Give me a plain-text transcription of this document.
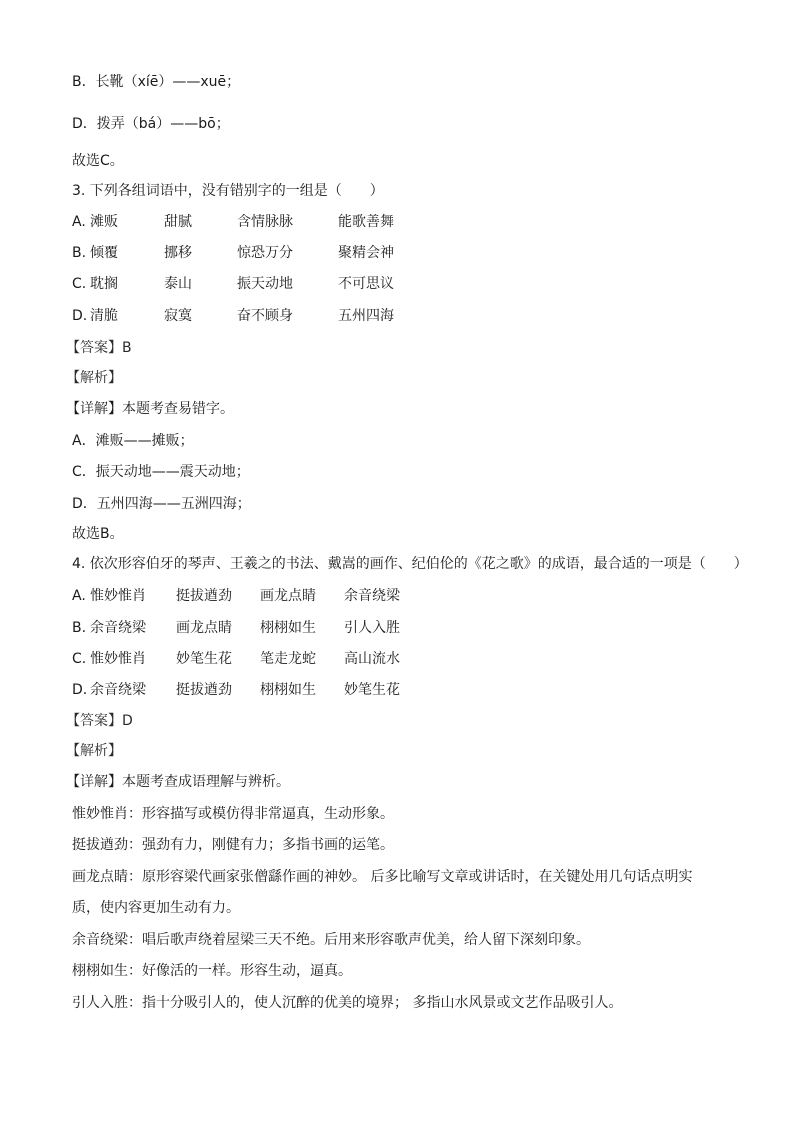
B．长靴（xíē）——xuē；
D．拨弄（bá）——bō；
故选C。
3. 下列各组词语中，没有错别字的一组是（　　）
A. 滩贩	甜腻	含情脉脉	能歌善舞
B. 倾覆	挪移	惊恐万分	聚精会神
C. 耽搁	泰山	振天动地	不可思议
D. 清脆	寂寞	奋不顾身	五州四海
【答案】B
【解析】
【详解】本题考查易错字。
A．滩贩——摊贩；
C．振天动地——震天动地；
D．五州四海——五洲四海；
故选B。
4. 依次形容伯牙的琴声、王羲之的书法、戴嵩的画作、纪伯伦的《花之歌》的成语，最合适的一项是（　　）
A. 惟妙惟肖 挺拔遒劲 画龙点睛 余音绕梁
B. 余音绕梁 画龙点睛 栩栩如生 引人入胜
C. 惟妙惟肖 妙笔生花 笔走龙蛇 高山流水
D. 余音绕梁 挺拔遒劲 栩栩如生 妙笔生花
【答案】D
【解析】
【详解】本题考查成语理解与辨析。
惟妙惟肖：形容描写或模仿得非常逼真，生动形象。
挺拔遒劲：强劲有力，刚健有力；多指书画的运笔。
画龙点睛：原形容梁代画家张僧繇作画的神妙。 后多比喻写文章或讲话时，在关键处用几句话点明实
质，使内容更加生动有力。
余音绕梁：唱后歌声绕着屋梁三天不绝。后用来形容歌声优美，给人留下深刻印象。
栩栩如生：好像活的一样。形容生动，逼真。
引人入胜：指十分吸引人的，使人沉醉的优美的境界； 多指山水风景或文艺作品吸引人。
